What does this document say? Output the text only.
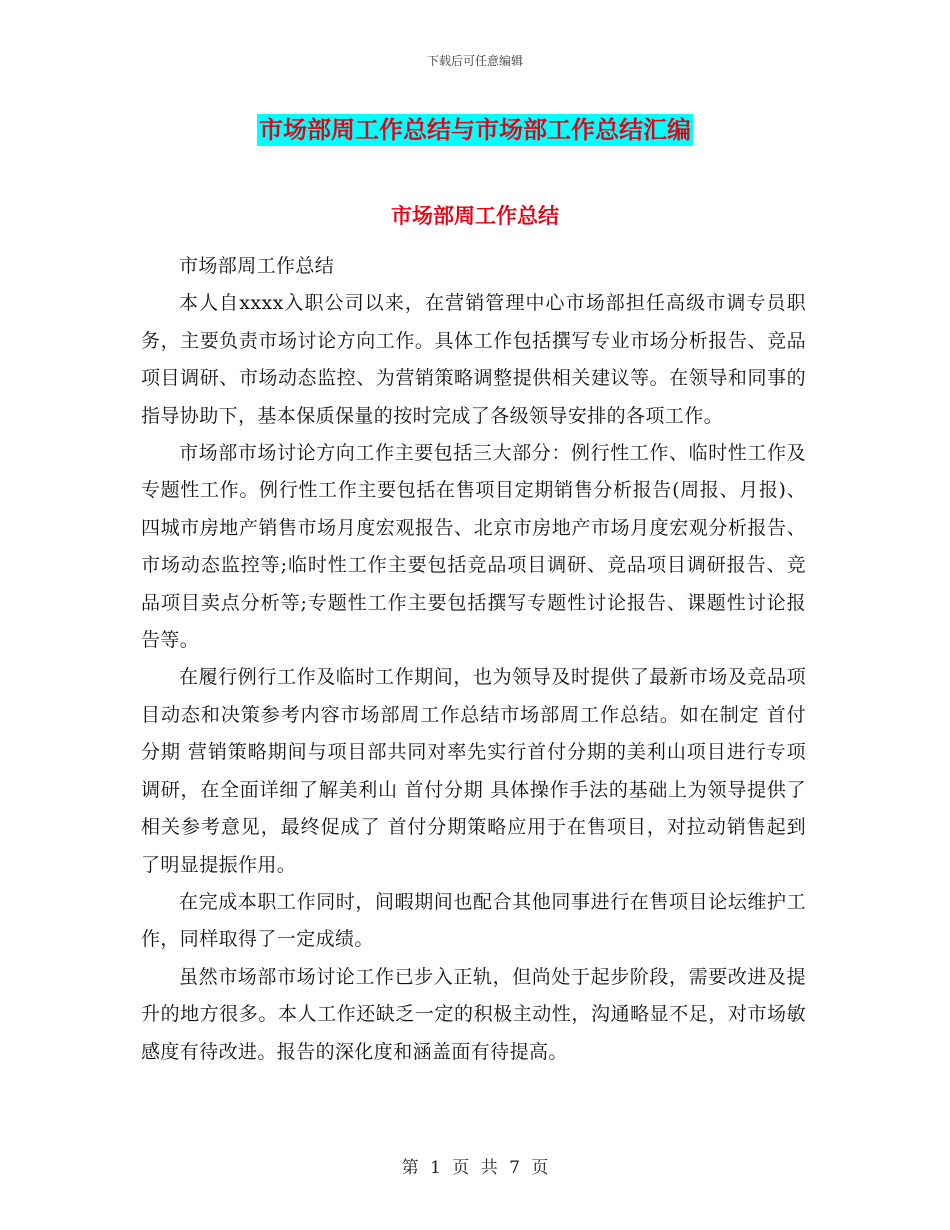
下载后可任意编辑
市场部周工作总结与市场部工作总结汇编
市场部周工作总结

市场部周工作总结

本人自xxxx入职公司以来，在营销管理中心市场部担任高级市调专员职务，主要负责市场讨论方向工作。具体工作包括撰写专业市场分析报告、竞品项目调研、市场动态监控、为营销策略调整提供相关建议等。在领导和同事的指导协助下，基本保质保量的按时完成了各级领导安排的各项工作。

市场部市场讨论方向工作主要包括三大部分：例行性工作、临时性工作及专题性工作。例行性工作主要包括在售项目定期销售分析报告(周报、月报)、四城市房地产销售市场月度宏观报告、北京市房地产市场月度宏观分析报告、市场动态监控等;临时性工作主要包括竞品项目调研、竞品项目调研报告、竞品项目卖点分析等;专题性工作主要包括撰写专题性讨论报告、课题性讨论报告等。

在履行例行工作及临时工作期间，也为领导及时提供了最新市场及竞品项目动态和决策参考内容市场部周工作总结市场部周工作总结。如在制定 首付分期 营销策略期间与项目部共同对率先实行首付分期的美利山项目进行专项调研，在全面详细了解美利山 首付分期 具体操作手法的基础上为领导提供了相关参考意见，最终促成了 首付分期策略应用于在售项目，对拉动销售起到了明显提振作用。

在完成本职工作同时，间暇期间也配合其他同事进行在售项目论坛维护工作，同样取得了一定成绩。

虽然市场部市场讨论工作已步入正轨，但尚处于起步阶段，需要改进及提升的地方很多。本人工作还缺乏一定的积极主动性，沟通略显不足，对市场敏感度有待改进。报告的深化度和涵盖面有待提高。

第 1 页 共 7 页
